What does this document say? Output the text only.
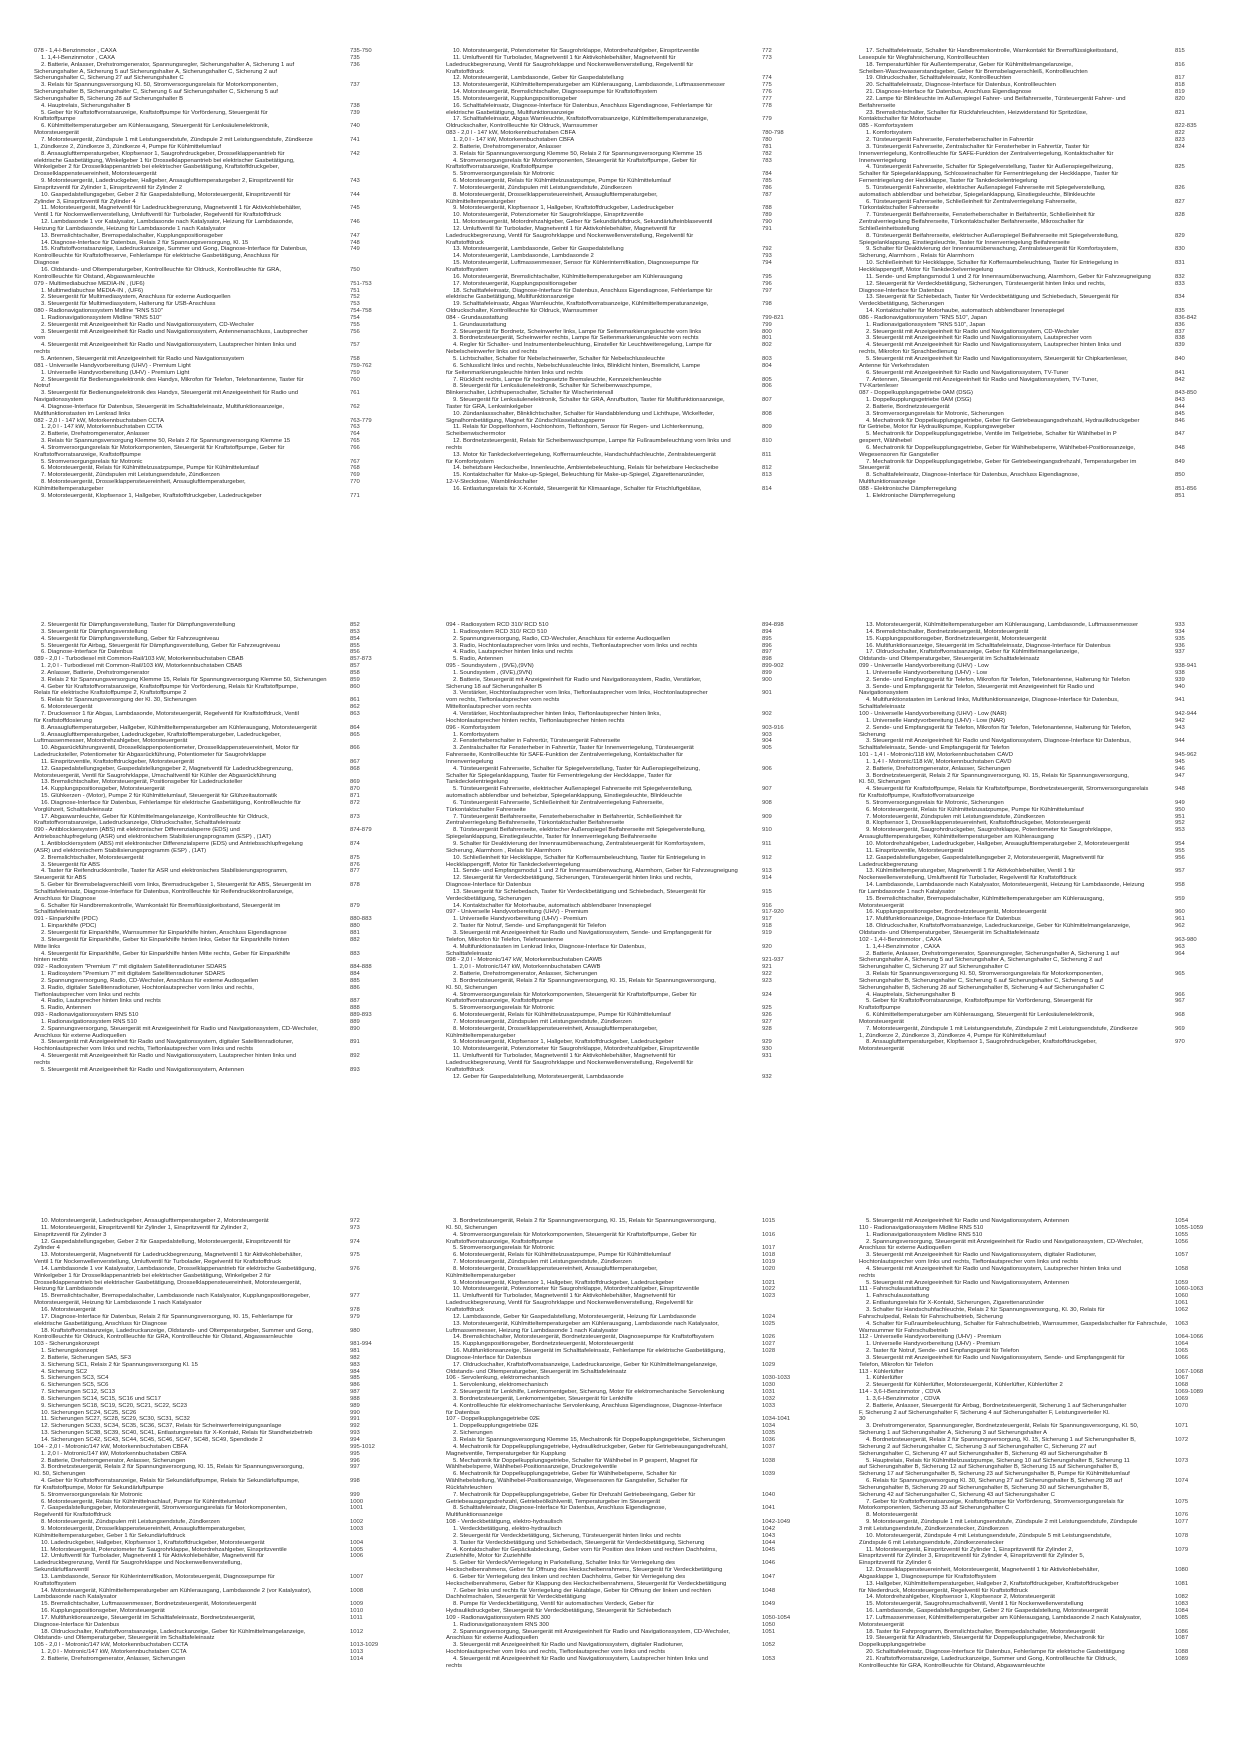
078 - 1,4-l-Benzinmotor , CAXA	735-750
1. 1,4-l-Benzinmotor , CAXA	735
2. Batterie, Anlasser, Drehstromgenerator, Spannungsregler, Sicherungshalter A, Sicherung 1 auf	736
Sicherungshalter A, Sicherung 5 auf Sicherungshalter A, Sicherungshalter C, Sicherung 2 auf
Sicherungshalter C, Sicherung 27 auf Sicherungshalter C
3. Relais für Spannungsversorgung Kl. 50, Stromversorgungsrelais für Motorkomponenten,	737
Sicherungshalter B, Sicherungshalter C, Sicherung 6 auf Sicherungshalter C, Sicherung 5 auf
Sicherungshalter B, Sicherung 28 auf Sicherungshalter B
4. Hauptrelais, Sicherungshalter B	738
5. Geber für Kraftstoffvorratsanzeige, Kraftstoffpumpe für Vorförderung, Steuergerät für	739
Kraftstoffpumpe
6. Kühlmitteltemperaturgeber am Kühlerausgang, Steuergerät für Lenksäulenelektronik,	740
Motorsteuergerät
7. Motorsteuergerät, Zündspule 1 mit Leistungsendstufe, Zündspule 2 mit Leistungsendstufe, Zündkerze	741
1, Zündkerze 2, Zündkerze 3, Zündkerze 4, Pumpe für Kühlmittelumlauf
8. Ansauglufttemperaturgeber, Klopfsensor 1, Saugrohrdruckgeber, Drosselklappenantrieb für	742
elektrische Gasbetätigung, Winkelgeber 1 für Drosselklappenantrieb bei elektrischer Gasbetätigung,
Winkelgeber 2 für Drosselklappenantrieb bei elektrischer Gasbetätigung, Kraftstoffdruckgeber,
Drosselklappensteuereinheit, Motorsteuergerät
9. Motorsteuergerät, Ladedruckgeber, Hallgeber, Ansauglufttemperaturgeber 2, Einspritzventil für	743
Einspritzventil für Zylinder 1, Einspritzventil für Zylinder 2
10. Gaspedalstellungsgeber, Geber 2 für Gaspedalstellung, Motorsteuergerät, Einspritzventil für	744
Zylinder 3, Einspritzventil für Zylinder 4
11. Motorsteuergerät, Magnetventil für Ladedruckbegrenzung, Magnetventil 1 für Aktivkohlebehälter,	745
Ventil 1 für Nockenwellenverstellung, Umluftventil für Turbolader, Regelventil für Kraftstoffdruck
12. Lambdasonde 1 vor Katalysator, Lambdasonde nach Katalysator, Heizung für Lambdasonde,	746
Heizung für Lambdasonde, Heizung für Lambdasonde 1 nach Katalysator
13. Bremslichtschalter, Bremspedalschalter, Kupplungspositionsgeber	747
14. Diagnose-Interface für Datenbus, Relais 2 für Spannungsversorgung, Kl. 15	748
15. Kraftstoffvorratsanzeige, Ladedruckanzeige, Summer und Gong, Diagnose-Interface für Datenbus,	749
Kontrollleuchte für Kraftstoffreserve, Fehlerlampe für elektrische Gasbetätigung, Anschluss für
Diagnose
16. Öldstands- und Öltemperaturgeber, Kontrollleuchte für Öldruck, Kontrollleuchte für GRA,	750
Kontrollleuchte für Ölstand, Abgaswarnleuchte
079 - Multimediabuchse MEDIA-IN , (UF6)	751-753
1. Multimediabuchse MEDIA-IN , (UF6)	751
2. Steuergerät für Multimediasystem, Anschluss für externe Audioquellen	752
3. Steuergerät für Multimediasystem, Halterung für USB-Anschluss	753
080 - Radionavigationssystem Midline "RNS 510"	754-758
1. Radionavigationssystem Midline "RNS 510"	754
2. Steuergerät mit Anzeigeeinheit für Radio und Navigationssystem, CD-Wechsler	755
3. Steuergerät mit Anzeigeeinheit für Radio und Navigationssystem, Antennenanschluss, Lautsprecher	756
vorn
4. Steuergerät mit Anzeigeeinheit für Radio und Navigationssystem, Lautsprecher hinten links und	757
rechts
5. Antennen, Steuergerät mit Anzeigeeinheit für Radio und Navigationssystem	758
081 - Universelle Handyvorbereitung (UHV) - Premium Light	759-762
1. Universelle Handyvorbereitung (UHV) - Premium Light	759
2. Steuergerät für Bedienungselektronik des Handys, Mikrofon für Telefon, Telefonantenne, Taster für	760
Notruf
3. Steuergerät für Bedienungselektronik des Handys, Steuergerät mit Anzeigeeinheit für Radio und	761
Navigationssystem
4. Diagnose-Interface für Datenbus, Steuergerät im Schalttafeleinsatz, Multifunktionsanzeige,	762
Multifunktionstasten im Lenkrad links
082 - 2,0 l - 147 kW, Motorkennbuchstaben CCTA	763-779
1. 2,0 l - 147 kW, Motorkennbuchstaben CCTA	763
2. Batterie, Drehstromgenerator, Anlasser	764
3. Relais für Spannungsversorgung Klemme 50, Relais 2 für Spannungsversorgung Klemme 15	765
4. Stromversorgungsrelais für Motorkomponenten, Steuergerät für Kraftstoffpumpe, Geber für	766
Kraftstoffvorratsanzeige, Kraftstoffpumpe
5. Stromversorgungsrelais für Motronic	767
6. Motorsteuergerät, Relais für Kühlmittelzusatzpumpe, Pumpe für Kühlmittelumlauf	768
7. Motorsteuergerät, Zündspulen mit Leistungsendstufe, Zündkerzen	769
8. Motorsteuergerät, Drosselklappensteuereinheit, Ansauglufttemperaturgeber,	770
Kühlmitteltemperaturgeber
9. Motorsteuergerät, Klopfsensor 1, Hallgeber, Kraftstoffdruckgeber, Ladedruckgeber	771
10. Motorsteuergerät, Potenziometer für Saugrohrklappe, Motordrehzahlgeber, Einspritzventile	772
11. Umluftventil für Turbolader, Magnetventil 1 für Aktivkohlebehälter, Magnetventil für	773
Ladedruckbegrenzung, Ventil für Saugrohrklappe und Nockenwellenverstellung, Regelventil für
Kraftstoffdruck
12. Motorsteuergerät, Lambdasonde, Geber für Gaspedalstellung	774
13. Motorsteuergerät, Kühlmitteltemperaturgeber am Kühlerausgang, Lambdasonde, Luftmassenmesser	775
14. Motorsteuergerät, Bremslichtschalter, Diagnosepumpe für Kraftstoffsystem	776
15. Motorsteuergerät, Kupplungspositionsgeber	777
16. Schalttafeleinsatz, Diagnose-Interface für Datenbus, Anschluss Eigendiagnose, Fehlerlampe für	778
elektrische Gasbetätigung, Multifunktionsanzeige
17. Schalttafeleinsatz, Abgas Warnleuchte, Kraftstoffvorratsanzeige, Kühlmitteltemperaturanzeige,	779
Öldruckschalter, Kontrollleuchte für Öldruck, Warnsummer
083 - 2,0 l - 147 kW, Motorkennbuchstaben CBFA	780-798
1. 2,0 l - 147 kW, Motorkennbuchstaben CBFA	780
2. Batterie, Drehstromgenerator, Anlasser	781
3. Relais für Spannungsversorgung Klemme 50, Relais 2 für Spannungsversorgung Klemme 15	782
4. Stromversorgungsrelais für Motorkomponenten, Steuergerät für Kraftstoffpumpe, Geber für	783
Kraftstoffvorratsanzeige, Kraftstoffpumpe
5. Stromversorgungsrelais für Motronic	784
6. Motorsteuergerät, Relais für Kühlmittelzusatzpumpe, Pumpe für Kühlmittelumlauf	785
7. Motorsteuergerät, Zündspulen mit Leistungsendstufe, Zündkerzen	786
8. Motorsteuergerät, Drosselklappensteuereinheit, Ansauglufttemperaturgeber,	787
Kühlmitteltemperaturgeber
9. Motorsteuergerät, Klopfsensor 1, Hallgeber, Kraftstoffdruckgeber, Ladedruckgeber	788
10. Motorsteuergerät, Potenziometer für Saugrohrklappe, Einspritzventile	789
11. Motorsteuergerät, Motordrehzahlgeber, Geber für Sekundärluftdruck, Sekundärlufteinblaseventil	790
12. Umluftventil für Turbolader, Magnetventil 1 für Aktivkohlebehälter, Magnetventil für	791
Ladedruckbegrenzung, Ventil für Saugrohrklappe und Nockenwellenverstellung, Regelventil für
Kraftstoffdruck
13. Motorsteuergerät, Lambdasonde, Geber für Gaspedalstellung	792
14. Motorsteuergerät, Lambdasonde, Lambdasonde 2	793
15. Motorsteuergerät, Luftmassenmesser, Sensor für Kühlerinternifikation, Diagnosepumpe für	794
Kraftstoffsystem
16. Motorsteuergerät, Bremslichtschalter, Kühlmitteltemperaturgeber am Kühlerausgang	795
17. Motorsteuergerät, Kupplungspositionsgeber	796
18. Schalttafeleinsatz, Diagnose-Interface für Datenbus, Anschluss Eigendiagnose, Fehlerlampe für	797
elektrische Gasbetätigung, Multifunktionsanzeige
19. Schalttafeleinsatz, Abgas Warnleuchte, Kraftstoffvorratsanzeige, Kühlmitteltemperaturanzeige,	798
Öldruckschalter, Kontrollleuchte für Öldruck, Warnsummer
084 - Grundausstattung	799-821
1. Grundausstattung	799
2. Steuergerät für Bordnetz, Scheinwerfer links, Lampe für Seitenmarkierungsleuchte vorn links	800
3. Bordnetzsteuergerät, Scheinwerfer rechts, Lampe für Seitenmarkierungsleuchte vorn rechts	801
4. Regler für Schalter- und Instrumentenbeleuchtung, Einsteller für Leuchtweiteregelung, Lampe für	802
Nebelscheinwerfer links und rechts
5. Lichtschalter, Schalter für Nebelscheinwerfer, Schalter für Nebelschlussleuchte	803
6. Schlusslicht links und rechts, Nebelschlussleuchte links, Blinklicht hinten, Bremslicht, Lampe	804
für Seitenmarkierungsleuchte hinten links und rechts
7. Rücklicht rechts, Lampe für hochgesetzte Bremsleuchte, Kennzeichenleuchte	805
8. Steuergerät für Lenksäulenelektronik, Schalter für Scheibenwaschpumpe,	806
Blinkerschalter, Lichthupenschalter, Schalter für Wischerintervall
9. Steuergerät für Lenksäulenelektronik, Schalter für GRA, Anrufbutton, Taster für Multifunktionsanzeige,	807
Taster für GRA, Lenkwinkelgeber
10. Zündanlassschalter, Blinklichtschalter, Schalter für Handabblendung und Lichthupe, Wickelfeder,	808
Signalhornbetätigung, Magnet für Zündschlüsselabzugsperre
11. Relais für Doppeltonhorn, Hochtonhorn, Tieftonhorn, Sensor für Regen- und Lichterkennung,	809
Scheibenwischermotor
12. Bordnetzsteuergerät, Relais für Scheibenwaschpumpe, Lampe für Fußraumbeleuchtung vorn links und	810
rechts
13. Motor für Tankdeckelverriegelung, Kofferraumleuchte, Handschuhfachleuchte, Zentralsteuergerät	811
für Komfortsystem
14. beheizbare Heckscheibe, Innenleuchte, Ambientebeleuchtung, Relais für beheizbare Heckscheibe	812
15. Kontaktschalter für Make-up-Spiegel, Beleuchtung für Make-up-Spiegel, Zigarettenanzünder,	813
12-V-Steckdose, Warnblinkschalter
16. Entlastungsrelais für X-Kontakt, Steuergerät für Klimaanlage, Schalter für Frischluftgebläse,	814
17. Schalttafeleinsatz, Schalter für Handbremskontrolle, Warnkontakt für Bremsflüssigkeitsstand,	815
Lesespule für Wegfahrsicherung, Kontrollleuchten
18. Temperaturfühler für Außentemperatur, Geber für Kühlmittelmangelanzeige,	816
Scheiben-Waschwasserstandsgeber, Geber für Bremsbelagverschleiß, Kontrollleuchten
19. Öldruckschalter, Schalttafeleinsatz, Kontrollleuchten	817
20. Schalttafeleinsatz, Diagnose-Interface für Datenbus, Kontrollleuchten	818
21. Diagnose-Interface für Datenbus, Anschluss Eigendiagnose	819
22. Lampe für Blinkleuchte im Außenspiegel Fahrer- und Beifahrerseite, Türsteuergerät Fahrer- und	820
Beifahrerseite
23. Bremslichtschalter, Schalter für Rückfahrleuchten, Heizwiderstand für Spritzdüse,	821
Kontaktschalter für Motorhaube
085 - Komfortsystem	822-835
1. Komfortsystem	822
2. Türsteuergerät Fahrerseite, Fensterheberschalter in Fahrertür	823
3. Türsteuergerät Fahrerseite, Zentralschalter für Fensterheber in Fahrertür, Taster für	824
Innenverriegelung, Kontrollleuchte für SAFE-Funktion der Zentralverriegelung, Kontaktschalter für
Innenverriegelung
4. Türsteuergerät Fahrerseite, Schalter für Spiegelverstellung, Taster für Außenspiegelheizung,	825
Schalter für Spiegelanklappung, Schlosseinschalter für Fernentriegelung der Heckklappe, Taster für
Fernentriegelung der Heckklappe, Taster für Tankdeckelentriegelung
5. Türsteuergerät Fahrerseite, elektrischer Außenspiegel Fahrerseite mit Spiegelverstellung,	826
automatisch abblendbar und beheizbar, Spiegelanklappung, Einstiegsleuchte, Blinkleuchte
6. Türsteuergerät Fahrerseite, Schließeinheit für Zentralverriegelung Fahrerseite,	827
Türkontaktschalter Fahrerseite
7. Türsteuergerät Beifahrerseite, Fensterheberschalter in Beifahrertür, Schließeinheit für	828
Zentralverriegelung Beifahrerseite, Türkontaktschalter Beifahrerseite, Mikroschalter für
Schließeinheitsstellung
8. Türsteuergerät Beifahrerseite, elektrischer Außenspiegel Beifahrerseite mit Spiegelverstellung,	829
Spiegelanklappung, Einstiegsleuchte, Taster für Innenverriegelung Beifahrerseite
9. Schalter für Deaktivierung der Innenraumüberwachung, Zentralsteuergerät für Komfortsystem,	830
Sicherung, Alarmhorn , Relais für Alarmhorn
10. Schließeinheit für Heckklappe, Schalter für Kofferraumbeleuchtung, Taster für Entriegelung in	831
Heckklappengriff, Motor für Tankdeckelverriegelung
11. Sende- und Empfangsmodul 1 und 2 für Innenraumüberwachung, Alarmhorn, Geber für Fahrzeugneigung	832
12. Steuergerät für Verdeckbetätigung, Sicherungen, Türsteuergerät hinten links und rechts,	833
Diagnose-Interface für Datenbus
13. Steuergerät für Schiebedach, Taster für Verdeckbetätigung und Schiebedach, Steuergerät für	834
Verdeckbetätigung, Sicherungen
14. Kontaktschalter für Motorhaube, automatisch abblendbarer Innenspiegel	835
086 - Radionavigationssystem "RNS 510", Japan	836-842
1. Radionavigationssystem "RNS 510", Japan	836
2. Steuergerät mit Anzeigeeinheit für Radio und Navigationssystem, CD-Wechsler	837
3. Steuergerät mit Anzeigeeinheit für Radio und Navigationssystem, Lautsprecher vorn	838
4. Steuergerät mit Anzeigeeinheit für Radio und Navigationssystem, Lautsprecher hinten links und	839
rechts, Mikrofon für Sprachbedienung
5. Steuergerät mit Anzeigeeinheit für Radio und Navigationssystem, Steuergerät für Chipkartenleser,	840
Antenne für Verkehrsdaten
6. Steuergerät mit Anzeigeeinheit für Radio und Navigationssystem, TV-Tuner	841
7. Antennen, Steuergerät mit Anzeigeeinheit für Radio und Navigationssystem, TV-Tuner,	842
TV-Kartenleser
087 - Doppelkupplungsgetriebe 0AM (DSG)	843-850
1. Doppelkupplungsgetriebe 0AM (DSG)	843
2. Batterie, Bordnetzsteuergerät	844
3. Stromversorgungsrelais für Motronic, Sicherungen	845
4. Mechatronik für Doppelkupplungsgetriebe, Geber für Getriebeausgangsdrehzahl, Hydraulikdruckgeber	846
für Getriebe, Motor für Hydraulikpumpe, Kupplungswegeber
5. Mechatronik für Doppelkupplungsgetriebe, Ventile im Teilgetriebe, Schalter für Wählhebel in P	847
gesperrt, Wählhebel
6. Mechatronik für Doppelkupplungsgetriebe, Geber für Wählhebelsperre, Wählhebel-Positionsanzeige,	848
Wegesensoren für Gangsteller
7. Mechatronik für Doppelkupplungsgetriebe, Geber für Getriebeeingangsdrehzahl, Temperaturgeber im	849
Steuergerät
8. Schalttafeleinsatz, Diagnose-Interface für Datenbus, Anschluss Eigendiagnose,	850
Multifunktionsanzeige
088 - Elektronische Dämpferregelung	851-856
1. Elektronische Dämpferregelung	851
2. Steuergerät für Dämpfungsverstellung, Taster für Dämpfungsverstellung	852
3. Steuergerät für Dämpfungsverstellung	853
4. Steuergerät für Dämpfungsverstellung, Geber für Fahrzeugniveau	854
5. Steuergerät für Airbag, Steuergerät für Dämpfungsverstellung, Geber für Fahrzeugniveau	855
6. Diagnose-Interface für Datenbus	856
089 - 2,0 l - Turbodiesel mit Common-Rail/103 kW, Motorkennbuchstaben CBAB	857-873
1. 2,0 l - Turbodiesel mit Common-Rail/103 kW, Motorkennbuchstaben CBAB	857
2. Anlasser, Batterie, Drehstromgenerator	858
3. Relais 2 für Spannungsversorgung Klemme 15, Relais für Spannungsversorgung Klemme 50, Sicherungen	859
4. Geber für Kraftstoffvorratsanzeige, Kraftstoffpumpe für Vorförderung, Relais für Kraftstoffpumpe,	860
Relais für elektrische Kraftstoffpumpe 2, Kraftstoffpumpe 2
5. Relais für Spannungsversorgung der Kl. 30, Sicherungen	861
6. Motorsteuergerät	862
7. Drucksensor 1 für Abgas, Lambdasonde, Motorsteuergerät, Regelventil für Kraftstoffdruck, Ventil	863
für Kraftstoffdosierung
8. Ansaugluftemperaturgeber, Hallgeber, Kühlmitteltemperaturgeber am Kühlerausgang, Motorsteuergerät	864
9. Ansauglufttemperaturgeber, Ladedruckgeber, Kraftstofftemperaturgeber, Ladedruckgeber,	865
Luftmassenmesser, Motordrehzahlgeber, Motorsteuergerät
10. Abgasrückführungsventil, Drosselklappenpotentiometer, Drosselklappensteuereinheit, Motor für	866
Ladedrucksteller, Potentiometer für Abgasrückführung, Potentiometer für Saugrohrklappe
11. Einspritzventile, Kraftstoffdruckgeber, Motorsteuergerät	867
12. Gaspedalstellungsgeber, Gaspedalstellungsgeber 2, Magnetventil für Ladedruckbegrenzung,	868
Motorsteuergerät, Ventil für Saugrohrklappe, Umschaltventil für Kühler der Abgasrückführung
13. Bremslichtschalter, Motorsteuergerät, Positionsgeber für Ladedrucksteller	869
14. Kupplungspositionsgeber, Motorsteuergerät	870
15. Glühkerzen - (Motor), Pumpe 2 für Kühlmittelumlauf, Steuergerät für Glühzeitautomatik	871
16. Diagnose-Interface für Datenbus, Fehlerlampe für elektrische Gasbetätigung, Kontrollleuchte für	872
Vorglühzeit, Schalttafeleinsatz
17. Abgaswarnleuchte, Geber für Kühlmittelmangelanzeige, Kontrollleuchte für Öldruck,	873
Kraftstoffvorratsanzeige, Ladedruckanzeige, Öldruckschalter, Schalttafeleinsatz
090 - Antiblockiersystem (ABS) mit elektronischer Differenzialsperre (EDS) und	874-879
Antriebsschlupfregelung (ASR) und elektronischem Stabilisierungsprogramm (ESP) , (1AT)
1. Antiblockiersystem (ABS) mit elektronischer Differenzialsperre (EDS) und Antriebsschlupfregelung	874
(ASR) und elektronischem Stabilisierungsprogramm (ESP) , (1AT)
2. Bremslichtschalter, Motorsteuergerät	875
3. Steuergerät für ABS	876
4. Taster für Reifendruckkontrolle, Taster für ASR und elektronisches Stabilisierungsprogramm,	877
Steuergerät für ABS
5. Geber für Bremsbelagverschleiß vorn links, Bremsdruckgeber 1, Steuergerät für ABS, Steuergerät im	878
Schalttafeleinsatz, Diagnose-Interface für Datenbus, Kontrollleuchte für Reifendruckkontrollanzeige,
Anschluss für Diagnose
6. Schalter für Handbremskontrolle, Warnkontakt für Bremsflüssigkeitsstand, Steuergerät im	879
Schalttafeleinsatz
091 - Einparkhilfe (PDC)	880-883
1. Einparkhilfe (PDC)	880
2. Steuergerät für Einparkhilfe, Warnsummer für Einparkhilfe hinten, Anschluss Eigendiagnose	881
3. Steuergerät für Einparkhilfe, Geber für Einparkhilfe hinten links, Geber für Einparkhilfe hinten	882
Mitte links
4. Steuergerät für Einparkhilfe, Geber für Einparkhilfe hinten Mitte rechts, Geber für Einparkhilfe	883
hinten rechts
092 - Radiosystem "Premium 7" mit digitalem Satellitenradiotuner SDARS	884-888
1. Radiosystem "Premium 7" mit digitalem Satellitenradiotuner SDARS	884
2. Spannungsversorgung, Radio, CD-Wechsler, Anschluss für externe Audioquellen	885
3. Radio, digitaler Satellitenradiotuner, Hochtonlautsprecher vorn links und rechts,	886
Tieftonlautsprecher vorn links und rechts
4. Radio, Lautsprecher hinten links und rechts	887
5. Radio, Antennen	888
093 - Radionavigationssystem RNS 510	889-893
1. Radionavigationssystem RNS 510	889
2. Spannungsversorgung, Steuergerät mit Anzeigeeinheit für Radio und Navigationssystem, CD-Wechsler,	890
Anschluss für externe Audioquellen
3. Steuergerät mit Anzeigeeinheit für Radio und Navigationssystem, digitaler Satellitenradiotuner,	891
Hochtonlautsprecher vorn links und rechts, Tieftonlautsprecher vorn links und rechts
4. Steuergerät mit Anzeigeeinheit für Radio und Navigationssystem, Lautsprecher hinten links und	892
rechts
5. Steuergerät mit Anzeigeeinheit für Radio und Navigationssystem, Antennen	893
094 - Radiosystem RCD 310/ RCD 510	894-898
1. Radiosystem RCD 310/ RCD 510	894
2. Spannungsversorgung, Radio, CD-Wechsler, Anschluss für externe Audioquellen	895
3. Radio, Hochtonlautsprecher vorn links und rechts, Tieftonlautsprecher vorn links und rechts	896
4. Radio, Lautsprecher hinten links und rechts	897
5. Radio, Antennen	898
095 - Soundsystem , (9VE),(9VN)	899-902
1. Soundsystem , (9VE),(9VN)	899
2. Batterie, Steuergerät mit Anzeigeeinheit für Radio und Navigationssystem, Radio, Verstärker,	900
Sicherung 18 auf Sicherungshalter B
3. Verstärker, Hochtonlautsprecher vorn links, Tieftonlautsprecher vorn links, Hochtonlautsprecher	901
vorn rechts, Tieftonlautsprecher vorn rechts
Mitteltonlautsprecher vorn rechts
4. Verstärker, Hochtonlautsprecher hinten links, Tieftonlautsprecher hinten links,	902
Hochtonlautsprecher hinten rechts, Tieftonlautsprecher hinten rechts
096 - Komfortsystem	903-916
1. Komfortsystem	903
2. Fensterheberschalter in Fahrertür, Türsteuergerät Fahrerseite	904
3. Zentralschalter für Fensterheber in Fahrertür, Taster für Innenverriegelung, Türsteuergerät	905
Fahrerseite, Kontrollleuchte für SAFE-Funktion der Zentralverriegelung, Kontaktschalter für
Innenverriegelung
4. Türsteuergerät Fahrerseite, Schalter für Spiegelverstellung, Taster für Außenspiegelheizung,	906
Schalter für Spiegelanklappung, Taster für Fernentriegelung der Heckklappe, Taster für
Tankdeckelentriegelung
5. Türsteuergerät Fahrerseite, elektrischer Außenspiegel Fahrerseite mit Spiegelverstellung,	907
automatisch abblendbar und beheizbar, Spiegelanklappung, Einstiegsleuchte, Blinkleuchte
6. Türsteuergerät Fahrerseite, Schließeinheit für Zentralverriegelung Fahrerseite,	908
Türkontaktschalter Fahrerseite
7. Türsteuergerät Beifahrerseite, Fensterheberschalter in Beifahrertür, Schließeinheit für	909
Zentralverriegelung Beifahrerseite, Türkontaktschalter Beifahrerseite
8. Türsteuergerät Beifahrerseite, elektrischer Außenspiegel Beifahrerseite mit Spiegelverstellung,	910
Spiegelanklappung, Einstiegsleuchte, Taster für Innenverriegelung Beifahrerseite
9. Schalter für Deaktivierung der Innenraumüberwachung, Zentralsteuergerät für Komfortsystem,	911
Sicherung, Alarmhorn , Relais für Alarmhorn
10. Schließeinheit für Heckklappe, Schalter für Kofferraumbeleuchtung, Taster für Entriegelung in	912
Heckklappengriff, Motor für Tankdeckelverriegelung
11. Sende- und Empfangsmodul 1 und 2 für Innenraumüberwachung, Alarmhorn, Geber für Fahrzeugneigung	913
12. Steuergerät für Verdeckbetätigung, Sicherungen, Türsteuergerät hinten links und rechts,	914
Diagnose-Interface für Datenbus
13. Steuergerät für Schiebedach, Taster für Verdeckbetätigung und Schiebedach, Steuergerät für	915
Verdeckbetätigung, Sicherungen
14. Kontaktschalter für Motorhaube, automatisch abblendbarer Innenspiegel	916
097 - Universelle Handyvorbereitung (UHV) - Premium	917-920
1. Universelle Handyvorbereitung (UHV) - Premium	917
2. Taster für Notruf, Sende- und Empfangsgerät für Telefon	918
3. Steuergerät mit Anzeigeeinheit für Radio und Navigationssystem, Sende- und Empfangsgerät für	919
Telefon, Mikrofon für Telefon, Telefonantenne
4. Multifunktionstasten im Lenkrad links, Diagnose-Interface für Datenbus,	920
Schalttafeleinsatz
098 - 2,0 l - Motronic/147 kW, Motorkennbuchstaben CAWB	921-937
1. 2,0 l - Motronic/147 kW, Motorkennbuchstaben CAWB	921
2. Batterie, Drehstromgenerator, Anlasser, Sicherungen	922
3. Bordnetzsteuergerät, Relais 2 für Spannungsversorgung, Kl. 15, Relais für Spannungsversorgung,	923
Kl. 50, Sicherungen
4. Stromversorgungsrelais für Motorkomponenten, Steuergerät für Kraftstoffpumpe, Geber für	924
Kraftstoffvorratsanzeige, Kraftstoffpumpe
5. Stromversorgungsrelais für Motronic	925
6. Motorsteuergerät, Relais für Kühlmittelzusatzpumpe, Pumpe für Kühlmittelumlauf	926
7. Motorsteuergerät, Zündspulen mit Leistungsendstufe, Zündkerzen	927
8. Motorsteuergerät, Drosselklappensteuereinheit, Ansauglufttemperaturgeber,	928
Kühlmitteltemperaturgeber
9. Motorsteuergerät, Klopfsensor 1, Hallgeber, Kraftstoffdruckgeber, Ladedruckgeber	929
10. Motorsteuergerät, Potenziometer für Saugrohrklappe, Motordrehzahlgeber, Einspritzventile	930
11. Umluftventil für Turbolader, Magnetventil 1 für Aktivkohlebehälter, Magnetventil für	931
Ladedruckbegrenzung, Ventil für Saugrohrklappe und Nockenwellenverstellung, Regelventil für
Kraftstoffdruck
12. Geber für Gaspedalstellung, Motorsteuergerät, Lambdasonde	932
13. Motorsteuergerät, Kühlmitteltemperaturgeber am Kühlerausgang, Lambdasonde, Luftmassenmesser	933
14. Bremslichtschalter, Bordnetzsteuergerät, Motorsteuergerät	934
15. Kupplungspositionsgeber, Bordnetzsteuergerät, Motorsteuergerät	935
16. Multifunktionsanzeige, Steuergerät im Schalttafeleinsatz, Diagnose-Interface für Datenbus	936
17. Öldruckschalter, Kraftstoffvorratsanzeige, Geber für Kühlmittelmangelanzeige,	937
Öldstands- und Öltemperaturgeber, Steuergerät im Schalttafeleinsatz
099 - Universelle Handyvorbereitung (UHV) - Low	938-941
1. Universelle Handyvorbereitung (UHV) - Low	938
2. Sende- und Empfangsgerät für Telefon, Mikrofon für Telefon, Telefonantenne, Halterung für Telefon	939
3. Sende- und Empfangsgerät für Telefon, Steuergerät mit Anzeigeeinheit für Radio und	940
Navigationssystem
4. Multifunktionstasten im Lenkrad links, Multifunktionsanzeige, Diagnose-Interface für Datenbus,	941
Schalttafeleinsatz
100 - Universelle Handyvorbereitung (UHV) - Low (NAR)	942-944
1. Universelle Handyvorbereitung (UHV) - Low (NAR)	942
2. Sende- und Empfangsgerät für Telefon, Mikrofon für Telefon, Telefonantenne, Halterung für Telefon,	943
Sicherung
3. Steuergerät mit Anzeigeeinheit für Radio und Navigationssystem, Diagnose-Interface für Datenbus,	944
Schalttafeleinsatz, Sende- und Empfangsgerät für Telefon
101 - 1,4 l - Motronic/118 kW, Motorkennbuchstaben CAVD	945-962
1. 1,4 l - Motronic/118 kW, Motorkennbuchstaben CAVD	945
2. Batterie, Drehstromgenerator, Anlasser, Sicherungen	946
3. Bordnetzsteuergerät, Relais 2 für Spannungsversorgung, Kl. 15, Relais für Spannungsversorgung,	947
Kl. 50, Sicherungen
4. Steuergerät für Kraftstoffpumpe, Relais für Kraftstoffpumpe, Bordnetzsteuergerät, Stromversorgungsrelais	948
für Kraftstoffpumpe, Kraftstoffvorratsanzeige
5. Stromversorgungsrelais für Motronic, Sicherungen	949
6. Motorsteuergerät, Relais für Kühlmittelzusatzpumpe, Pumpe für Kühlmittelumlauf	950
7. Motorsteuergerät, Zündspulen mit Leistungsendstufe, Zündkerzen	951
8. Klopfsensor 1, Drosselklappensteuereinheit, Kraftstoffdruckgeber, Motorsteuergerät	952
9. Motorsteuergerät, Saugrohrdruckgeber, Saugrohrklappe, Potentiometer für Saugrohrklappe,	953
Ansauglufttemperaturgeber, Kühlmitteltemperaturgeber am Kühlerausgang
10. Motordrehzahlgeber, Ladedruckgeber, Hallgeber, Ansauglufttemperaturgeber 2, Motorsteuergerät	954
11. Einspritzventile, Motorsteuergerät	955
12. Gaspedalstellungsgeber, Gaspedalstellungsgeber 2, Motorsteuergerät, Magnetventil für	956
Ladedruckbegrenzung
13. Kühlmitteltemperaturgeber, Magnetventil 1 für Aktivkohlebehälter, Ventil 1 für	957
Nockenwellenverstellung, Umluftventil für Turbolader, Regelventil für Kraftstoffdruck
14. Lambdasonde, Lambdasonde nach Katalysator, Motorsteuergerät, Heizung für Lambdasonde, Heizung	958
für Lambdasonde 1 nach Katalysator
15. Bremslichtschalter, Bremspedalschalter, Kühlmitteltemperaturgeber am Kühlerausgang,	959
Motorsteuergerät
16. Kupplungspositionsgeber, Bordnetzsteuergerät, Motorsteuergerät	960
17. Multifunktionsanzeige, Diagnose-Interface für Datenbus	961
18. Öldruckschalter, Kraftstoffvorratsanzeige, Ladedruckanzeige, Geber für Kühlmittelmangelanzeige,	962
Öldstands- und Öltemperaturgeber, Steuergerät im Schalttafeleinsatz
102 - 1,4-l-Benzinmotor , CAXA	963-980
1. 1,4-l-Benzinmotor , CAXA	963
2. Batterie, Anlasser, Drehstromgenerator, Spannungsregler, Sicherungshalter A, Sicherung 1 auf	964
Sicherungshalter A, Sicherung 5 auf Sicherungshalter A, Sicherungshalter C, Sicherung 2 auf
Sicherungshalter C, Sicherung 27 auf Sicherungshalter C
3. Relais für Spannungsversorgung Kl. 50, Stromversorgungsrelais für Motorkomponenten,	965
Sicherungshalter B, Sicherungshalter C, Sicherung 6 auf Sicherungshalter C, Sicherung 5 auf
Sicherungshalter B, Sicherung 28 auf Sicherungshalter B, Sicherung 4 auf Sicherungshalter C
4. Hauptrelais, Sicherungshalter B	966
5. Geber für Kraftstoffvorratsanzeige, Kraftstoffpumpe für Vorförderung, Steuergerät für	967
Kraftstoffpumpe
6. Kühlmitteltemperaturgeber am Kühlerausgang, Steuergerät für Lenksäulenelektronik,	968
Motorsteuergerät
7. Motorsteuergerät, Zündspule 1 mit Leistungsendstufe, Zündspule 2 mit Leistungsendstufe, Zündkerze	969
1, Zündkerze 2, Zündkerze 3, Zündkerze 4, Pumpe für Kühlmittelumlauf
8. Ansauglufttemperaturgeber, Klopfsensor 1, Saugrohrdruckgeber, Kraftstoffdruckgeber,	970
Motorsteuergerät
10. Motorsteuergerät, Ladedruckgeber, Ansauglufttemperaturgeber 2, Motorsteuergerät	972
11. Motorsteuergerät, Einspritzventil für Zylinder 1, Einspritzventil für Zylinder 2,	973
Einspritzventil für Zylinder 3
12. Gaspedalstellungsgeber, Geber 2 für Gaspedalstellung, Motorsteuergerät, Einspritzventil für	974
Zylinder 4
13. Motorsteuergerät, Magnetventil für Ladedruckbegrenzung, Magnetventil 1 für Aktivkohlebehälter,	975
Ventil 1 für Nockenwellenverstellung, Umluftventil für Turbolader, Regelventil für Kraftstoffdruck
14. Lambdasonde 1 vor Katalysator, Lambdasonde, Drosselklappenantrieb für elektrische Gasbetätigung,	976
Winkelgeber 1 für Drosselklappenantrieb bei elektrischer Gasbetätigung, Winkelgeber 2 für
Drosselklappenantrieb bei elektrischer Gasbetätigung, Drosselklappensteuereinheit, Motorsteuergerät,
Heizung für Lambdasonde
15. Bremslichtschalter, Bremspedalschalter, Lambdasonde nach Katalysator, Kupplungspositionsgeber,	977
Motorsteuergerät, Heizung für Lambdasonde 1 nach Katalysator
16. Motorsteuergerät	978
17. Diagnose-Interface für Datenbus, Relais 2 für Spannungsversorgung, Kl. 15, Fehlerlampe für	979
elektrische Gasbetätigung, Anschluss für Diagnose
18. Kraftstoffvorratsanzeige, Ladedruckanzeige, Öldstands- und Öltemperaturgeber, Summer und Gong,	980
Kontrollleuchte für Öldruck, Kontrollleuchte für GRA, Kontrollleuchte für Ölstand, Abgaswarnleuchte
103 - Sicherungskonzept	981-994
1. Sicherungskonzept	981
2. Batterie, Sicherungen SA5, SF3	982
3. Sicherung SC1, Relais 2 für Spannungsversorgung Kl. 15	983
4. Sicherung SC2	984
5. Sicherungen SC3, SC4	985
6. Sicherungen SC5, SC6	986
7. Sicherungen SC12, SC13	987
8. Sicherungen SC14, SC15, SC16 und SC17	988
9. Sicherungen SC18, SC19, SC20, SC21, SC22, SC23	989
10. Sicherungen SC24, SC25, SC26	990
11. Sicherungen SC27, SC28, SC29, SC30, SC31, SC32	991
12. Sicherungen SC33, SC34, SC35, SC36, SC37, Relais für Scheinwerferreinigungsanlage	992
13. Sicherungen SC38, SC39, SC40, SC41, Entlastungsrelais für X-Kontakt, Relais für Standheizbetrieb	993
14. Sicherungen SC42, SC43, SC44, SC45, SC46, SC47, SC48, SC49, Spendiode 2	994
104 - 2,0 l - Motronic/147 kW, Motorkennbuchstaben CBFA	995-1012
1. 2,0 l - Motronic/147 kW, Motorkennbuchstaben CBFA	995
2. Batterie, Drehstromgenerator, Anlasser, Sicherungen	996
3. Bordnetzsteuergerät, Relais 2 für Spannungsversorgung, Kl. 15, Relais für Spannungsversorgung,	997
Kl. 50, Sicherungen
4. Geber für Kraftstoffvorratsanzeige, Relais für Sekundärluftpumpe, Relais für Sekundärluftpumpe,	998
für Kraftstoffpumpe, Motor für Sekundärluftpumpe
5. Stromversorgungsrelais für Motronic	999
6. Motorsteuergerät, Relais für Kühlmittelnachlauf, Pumpe für Kühlmittelumlauf	1000
7. Gaspedalstellungsgeber, Motorsteuergerät, Stromversorgungsrelais für Motorkomponenten,	1001
Regelventil für Kraftstoffdruck
8. Motorsteuergerät, Zündspulen mit Leistungsendstufe, Zündkerzen	1002
9. Motorsteuergerät, Drosselklappensteuereinheit, Ansauglufttemperaturgeber,	1003
Kühlmitteltemperaturgeber, Geber 1 für Sekundärluftdruck
10. Ladedruckgeber, Hallgeber, Klopfsensor 1, Kraftstoffdruckgeber, Motorsteuergerät	1004
11. Motorsteuergerät, Potenziometer für Saugrohrklappe, Motordrehzahlgeber, Einspritzventile	1005
12. Umluftventil für Turbolader, Magnetventil 1 für Aktivkohlebehälter, Magnetventil für	1006
Ladedruckbegrenzung, Ventil für Saugrohrklappe und Nockenwellenverstellung,
Sekundärluftlanventil
13. Lambdasonde, Sensor für Kühlerinternifikation, Motorsteuergerät, Diagnosepumpe für	1007
Kraftstoffsystem
14. Motorsteuergerät, Kühlmitteltemperaturgeber am Kühlerausgang, Lambdasonde 2 (vor Katalysator),	1008
Lambdasonde nach Katalysator
15. Bremslichtschalter, Luftmassenmesser, Bordnetzsteuergerät, Motorsteuergerät	1009
16. Kupplungspositionsgeber, Motorsteuergerät	1010
17. Multifunktionsanzeige, Steuergerät im Schalttafeleinsatz, Bordnetzsteuergerät,	1011
Diagnose-Interface für Datenbus
18. Öldruckschalter, Kraftstoffvorratsanzeige, Ladedruckanzeige, Geber für Kühlmittelmangelanzeige,	1012
Öldstands- und Öltemperaturgeber, Steuergerät im Schalttafeleinsatz
105 - 2,0 l - Motronic/147 kW, Motorkennbuchstaben CCTA	1013-1029
1. 2,0 l - Motronic/147 kW, Motorkennbuchstaben CCTA	1013
2. Batterie, Drehstromgenerator, Anlasser, Sicherungen	1014
3. Bordnetzsteuergerät, Relais 2 für Spannungsversorgung, Kl. 15, Relais für Spannungsversorgung,	1015
Kl. 50, Sicherungen
4. Stromversorgungsrelais für Motorkomponenten, Steuergerät für Kraftstoffpumpe, Geber für	1016
Kraftstoffvorratsanzeige, Kraftstoffpumpe
5. Stromversorgungsrelais für Motronic	1017
6. Motorsteuergerät, Relais für Kühlmittelzusatzpumpe, Pumpe für Kühlmittelumlauf	1018
7. Motorsteuergerät, Zündspulen mit Leistungsendstufe, Zündkerzen	1019
8. Motorsteuergerät, Drosselklappensteuereinheit, Ansauglufttemperaturgeber,	1020
Kühlmitteltemperaturgeber
9. Motorsteuergerät, Klopfsensor 1, Hallgeber, Kraftstoffdruckgeber, Ladedruckgeber	1021
10. Motorsteuergerät, Potenziometer für Saugrohrklappe, Motordrehzahlgeber, Einspritzventile	1022
11. Umluftventil für Turbolader, Magnetventil 1 für Aktivkohlebehälter, Magnetventil für	1023
Ladedruckbegrenzung, Ventil für Saugrohrklappe und Nockenwellenverstellung, Regelventil für
Kraftstoffdruck
12. Lambdasonde, Geber für Gaspedalstellung, Motorsteuergerät, Heizung für Lambdasonde	1024
13. Motorsteuergerät, Kühlmitteltemperaturgeber am Kühlerausgang, Lambdasonde nach Katalysator,	1025
Luftmassenmesser, Heizung für Lambdasonde 1 nach Katalysator
14. Bremslichtschalter, Motorsteuergerät, Bordnetzsteuergerät, Diagnosepumpe für Kraftstoffsystem	1026
15. Kupplungspositionsgeber, Bordnetzsteuergerät, Motorsteuergerät	1027
16. Multifunktionsanzeige, Steuergerät im Schalttafeleinsatz, Fehlerlampe für elektrische Gasbetätigung,	1028
Diagnose-Interface für Datenbus
17. Öldruckschalter, Kraftstoffvorratsanzeige, Ladedruckanzeige, Geber für Kühlmittelmangelanzeige,	1029
Öldstands- und Öltemperaturgeber, Steuergerät im Schalttafeleinsatz
106 - Servolenkung, elektromechanisch	1030-1033
1. Servolenkung, elektromechanisch	1030
2. Steuergerät für Lenkhilfe, Lenkmomentgeber, Sicherung, Motor für elektromechanische Servolenkung	1031
3. Bordnetzsteuergerät, Lenkmomentgeber, Steuergerät für Lenkhilfe	1032
4. Kontrollleuchte für elektromechanische Servolenkung, Anschluss Eigendiagnose, Diagnose-Interface	1033
für Datenbus
107 - Doppelkupplungsgetriebe 02E	1034-1041
1. Doppelkupplungsgetriebe 02E	1034
2. Sicherungen	1035
3. Relais für Spannungsversorgung Klemme 15, Mechatronik für Doppelkupplungsgetriebe, Sicherungen	1036
4. Mechatronik für Doppelkupplungsgetriebe, Hydraulikdruckgeber, Geber für Getriebeausgangsdrehzahl,	1037
Magnetventile, Temperaturgeber für Kupplung
5. Mechatronik für Doppelkupplungsgetriebe, Schalter für Wählhebel in P gesperrt, Magnet für	1038
Wählhebelsperre, Wählhebel-Positionsanzeige, Druckregelventile
6. Mechatronik für Doppelkupplungsgetriebe, Geber für Wählhebelsperre, Schalter für	1039
Wählhebelstellung, Wählhebel-Positionsanzeige, Wegesensoren für Gangsteller, Schalter für
Rückfahrleuchten
7. Mechatronik für Doppelkupplungsgetriebe, Geber für Drehzahl Getriebeeingang, Geber für	1040
Getriebeausgangsdrehzahl, Getriebeölkühlventil, Temperaturgeber im Steuergerät
8. Schalttafeleinsatz, Diagnose-Interface für Datenbus, Anschluss Eigendiagnose,	1041
Multifunktionsanzeige
108 - Verdeckbetätigung, elektro-hydraulisch	1042-1049
1. Verdeckbetätigung, elektro-hydraulisch	1042
2. Steuergerät für Verdeckbetätigung, Sicherung, Türsteuergerät hinten links und rechts	1043
3. Taster für Verdeckbetätigung und Schiebedach, Steuergerät für Verdeckbetätigung, Sicherung	1044
4. Kontaktschalter für Gepäckabdeckung, Geber vorn für Position des linken und rechten Dachholms,	1045
Zuziehhilfe, Motor für Zuziehhilfe
5. Geber für Verdeck/Verriegelung in Parkstellung, Schalter links für Verriegelung des	1046
Heckscheibenrahmens, Geber für Öffnung des Heckscheibenrahmens, Steuergerät für Verdeckbetätigung
6. Geber für Verriegelung des linken und rechten Dachholms, Geber für Verriegelung des	1047
Heckscheibenrahmens, Geber für Klappung des Heckscheibenrahmens, Steuergerät für Verdeckbetätigung
7. Geber links und rechts für Verriegelung der Hutablage, Geber für Öffnung der linken und rechten	1048
Dachholmschalen, Steuergerät für Verdeckbetätigung
8. Pumpe für Verdeckbetätigung, Ventil für automatisches Verdeck, Geber für	1049
Hydraulikdruckgeber, Steuergerät für Verdeckbetätigung, Steuergerät für Schiebedach
109 - Radionavigationssystem RNS 300	1050-1054
1. Radionavigationssystem RNS 300	1050
2. Spannungsversorgung, Steuergerät mit Anzeigeeinheit für Radio und Navigationssystem, CD-Wechsler,	1051
Anschluss für externe Audioquellen
3. Steuergerät mit Anzeigeeinheit für Radio und Navigationssystem, digitaler Radiotuner,	1052
Hochtonlautsprecher vorn links und rechts, Tieftonlautsprecher vorn links und rechts
4. Steuergerät mit Anzeigeeinheit für Radio und Navigationssystem, Lautsprecher hinten links und	1053
rechts
5. Steuergerät mit Anzeigeeinheit für Radio und Navigationssystem, Antennen	1054
110 - Radionavigationssystem Midline RNS 510	1055-1059
1. Radionavigationssystem Midline RNS 510	1055
2. Spannungsversorgung, Steuergerät mit Anzeigeeinheit für Radio und Navigationssystem, CD-Wechsler,	1056
Anschluss für externe Audioquellen
3. Steuergerät mit Anzeigeeinheit für Radio und Navigationssystem, digitaler Radiotuner,	1057
Hochtonlautsprecher vorn links und rechts, Tieftonlautsprecher vorn links und rechts
4. Steuergerät mit Anzeigeeinheit für Radio und Navigationssystem, Lautsprecher hinten links und	1058
rechts
5. Steuergerät mit Anzeigeeinheit für Radio und Navigationssystem, Antennen	1059
111 - Fahrschulausstattung	1060-1063
1. Fahrschulausstattung	1060
2. Entlastungsrelais für X-Kontakt, Sicherungen, Zigarettenanzünder	1061
3. Schalter für Handschuhfachleuchte, Relais 2 für Spannungsversorgung, Kl. 30, Relais für	1062
Fahrschulpedal, Relais für Fahrschulbetrieb, Sicherung
4. Schalter für Fußraumbeleuchtung, Schalter für Fahrschulbetrieb, Warnsummer, Gaspedalschalter für Fahrschule,	1063
Warnsummer für Fahrschulbetrieb
112 - Universelle Handyvorbereitung (UHV) - Premium	1064-1066
1. Universelle Handyvorbereitung (UHV) - Premium	1064
2. Taster für Notruf, Sende- und Empfangsgerät für Telefon	1065
3. Steuergerät mit Anzeigeeinheit für Radio und Navigationssystem, Sende- und Empfangsgerät für	1066
Telefon, Mikrofon für Telefon
113 - Kühlerlüfter	1067-1068
1. Kühlerlüfter	1067
2. Steuergerät für Kühlerlüfter, Motorsteuergerät, Kühlerlüfter, Kühlerlüfter 2	1068
114 - 3,6-l-Benzinmotor , CDVA	1069-1089
1. 3,6-l-Benzinmotor , CDVA	1069
2. Batterie, Anlasser, Steuergerät für Airbag, Bordnetzsteuergerät, Sicherung 1 auf Sicherungshalter	1070
F, Sicherung 2 auf Sicherungshalter F, Sicherung 4 auf Sicherungshalter F, Leistungsverteiler Kl.
30
3. Drehstromgenerator, Spannungsregler, Bordnetzsteuergerät, Relais für Spannungsversorgung, Kl. 50,	1071
Sicherung 1 auf Sicherungshalter A, Sicherung 3 auf Sicherungshalter A
4. Bordnetzsteuergerät, Relais 2 für Spannungsversorgung, Kl. 15, Sicherung 1 auf Sicherungshalter B,	1072
Sicherung 2 auf Sicherungshalter C, Sicherung 3 auf Sicherungshalter C, Sicherung 27 auf
Sicherungshalter C, Sicherung 47 auf Sicherungshalter B, Sicherung 49 auf Sicherungshalter B
5. Hauptrelais, Relais für Kühlmittelzusatzpumpe, Sicherung 10 auf Sicherungshalter B, Sicherung 11	1073
auf Sicherungshalter B, Sicherung 12 auf Sicherungshalter B, Sicherung 15 auf Sicherungshalter B,
Sicherung 17 auf Sicherungshalter B, Sicherung 23 auf Sicherungshalter B, Pumpe für Kühlmittelumlauf
6. Relais für Spannungsversorgung Kl. 30, Sicherung 27 auf Sicherungshalter B, Sicherung 28 auf	1074
Sicherungshalter B, Sicherung 29 auf Sicherungshalter B, Sicherung 30 auf Sicherungshalter B,
Sicherung 42 auf Sicherungshalter C, Sicherung 43 auf Sicherungshalter C
7. Geber für Kraftstoffvorratsanzeige, Kraftstoffpumpe für Vorförderung, Stromversorgungsrelais für	1075
Motorkomponenten, Sicherung 33 auf Sicherungshalter C
8. Motorsteuergerät	1076
9. Motorsteuergerät, Zündspule 1 mit Leistungsendstufe, Zündspule 2 mit Leistungsendstufe, Zündspule	1077
3 mit Leistungsendstufe, Zündkerzenstecker, Zündkerzen
10. Motorsteuergerät, Zündspule 4 mit Leistungsendstufe, Zündspule 5 mit Leistungsendstufe,	1078
Zündspule 6 mit Leistungsendstufe, Zündkerzenstecker
11. Motorsteuergerät, Einspritzventil für Zylinder 1, Einspritzventil für Zylinder 2,	1079
Einspritzventil für Zylinder 3, Einspritzventil für Zylinder 4, Einspritzventil für Zylinder 5,
Einspritzventil für Zylinder 6
12. Drosselklappensteuereinheit, Motorsteuergerät, Magnetventil 1 für Aktivkohlebehälter,	1080
Abgasklappe 1, Diagnosepumpe für Kraftstoffsystem
13. Hallgeber, Kühlmitteltemperaturgeber, Hallgeber 2, Kraftstoffdruckgeber, Kraftstoffdruckgeber	1081
für Niederdruck, Motorsteuergerät, Regelventil für Kraftstoffdruck
14. Motordrehzahlgeber, Klopfsensor 1, Klopfsensor 2, Motorsteuergerät	1082
15. Motorsteuergerät, Saugrohrumschaltventil, Ventil 1 für Nockenwellenverstellung	1083
16. Lambdasonde, Gaspedalstellungsgeber, Geber 2 für Gaspedalstellung, Motorsteuergerät	1084
17. Luftmassenmesser, Kühlmitteltemperaturgeber am Kühlerausgang, Lambdasonde 2 nach Katalysator,	1085
Motorsteuergerät
18. Taster für Fahrprogramm, Bremslichtschalter, Bremspedalschalter, Motorsteuergerät	1086
19. Steuergerät für Allradantrieb, Steuergerät für Doppelkupplungsgetriebe, Mechatronik für	1087
Doppelkupplungsgetriebe
20. Schalttafeleinsatz, Diagnose-Interface für Datenbus, Fehlerlampe für elektrische Gasbetätigung	1088
21. Kraftstoffvorratsanzeige, Ladedruckanzeige, Summer und Gong, Kontrollleuchte für Öldruck,	1089
Kontrollleuchte für GRA, Kontrollleuchte für Ölstand, Abgaswarnleuchte
